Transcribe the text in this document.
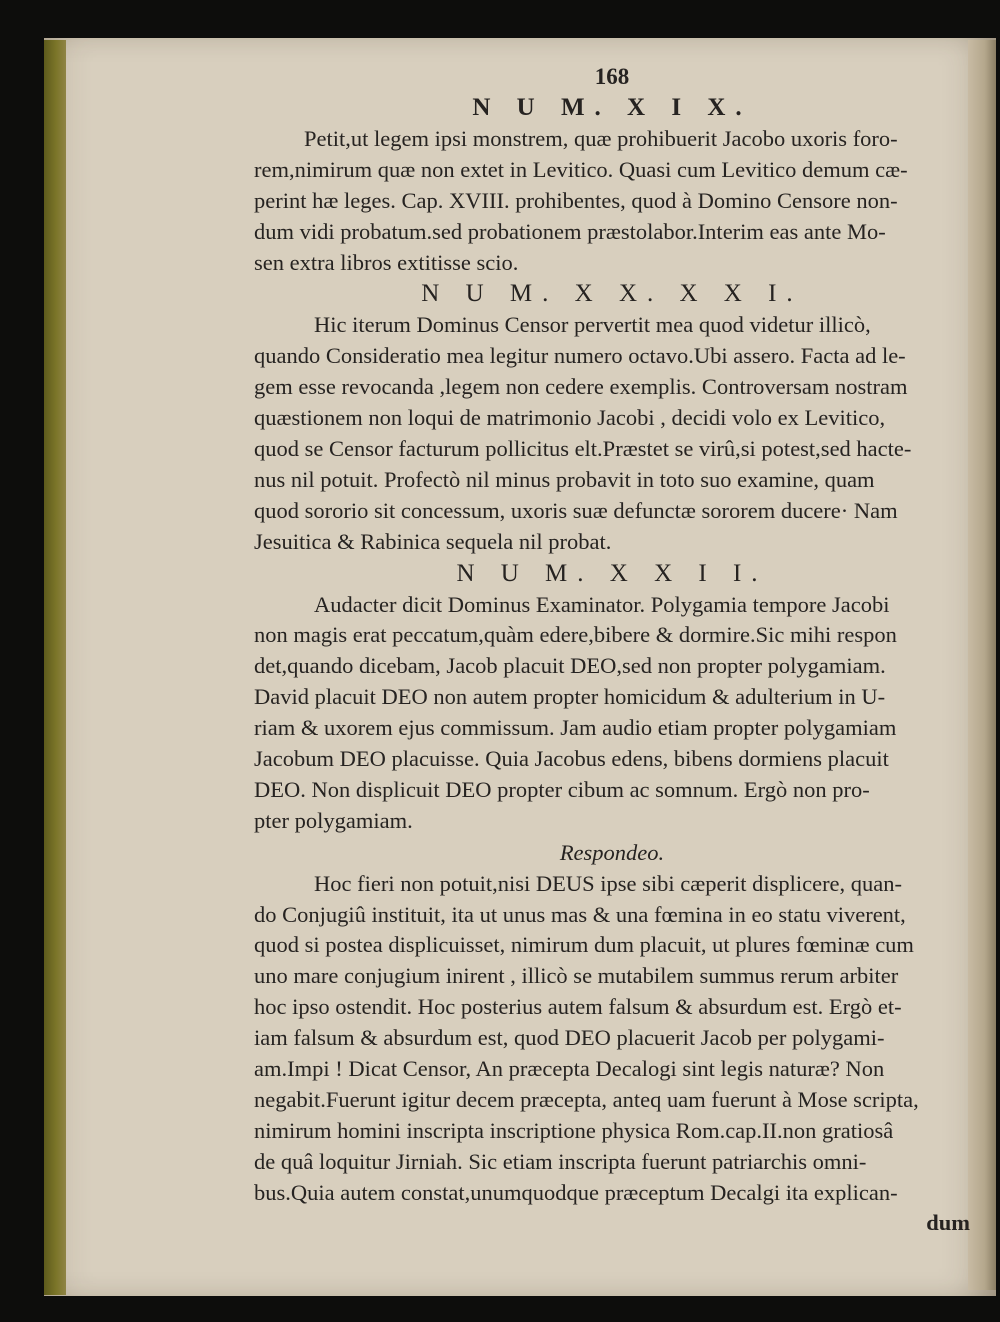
168
N U M. X I X.
Petit,ut legem ipsi monstrem, quæ prohibuerit Jacobo uxoris foro-
rem,nimirum quæ non extet in Levitico. Quasi cum Levitico demum cæ-
perint hæ leges. Cap. XVIII. prohibentes, quod à Domino Censore non-
dum vidi probatum.sed probationem præstolabor.Interim eas ante Mo-
sen extra libros extitisse scio.
N U M. X X. X X I.
Hic iterum Dominus Censor pervertit mea quod videtur illicò,
quando Consideratio mea legitur numero octavo.Ubi assero. Facta ad le-
gem esse revocanda ,legem non cedere exemplis. Controversam nostram
quæstionem non loqui de matrimonio Jacobi , decidi volo ex Levitico,
quod se Censor facturum pollicitus elt.Præstet se virû,si potest,sed hacte-
nus nil potuit. Profectò nil minus probavit in toto suo examine, quam
quod sororio sit concessum, uxoris suæ defunctæ sororem ducere· Nam
Jesuitica & Rabinica sequela nil probat.
N U M. X X I I.
Audacter dicit Dominus Examinator. Polygamia tempore Jacobi
non magis erat peccatum,quàm edere,bibere & dormire.Sic mihi respon
det,quando dicebam, Jacob placuit DEO,sed non propter polygamiam.
David placuit DEO non autem propter homicidum & adulterium in U-
riam & uxorem ejus commissum. Jam audio etiam propter polygamiam
Jacobum DEO placuisse. Quia Jacobus edens, bibens dormiens placuit
DEO. Non displicuit DEO propter cibum ac somnum. Ergò non pro-
pter polygamiam.
Respondeo.
Hoc fieri non potuit,nisi DEUS ipse sibi cæperit displicere, quan-
do Conjugiû instituit, ita ut unus mas & una fœmina in eo statu viverent,
quod si postea displicuisset, nimirum dum placuit, ut plures fœminæ cum
uno mare conjugium inirent , illicò se mutabilem summus rerum arbiter
hoc ipso ostendit. Hoc posterius autem falsum & absurdum est. Ergò et-
iam falsum & absurdum est, quod DEO placuerit Jacob per polygami-
am.Impi ! Dicat Censor, An præcepta Decalogi sint legis naturæ? Non
negabit.Fuerunt igitur decem præcepta, anteq uam fuerunt à Mose scripta,
nimirum homini inscripta inscriptione physica Rom.cap.II.non gratiosâ
de quâ loquitur Jirniah. Sic etiam inscripta fuerunt patriarchis omni-
bus.Quia autem constat,unumquodque præceptum Decalgi ita explican-
dum
